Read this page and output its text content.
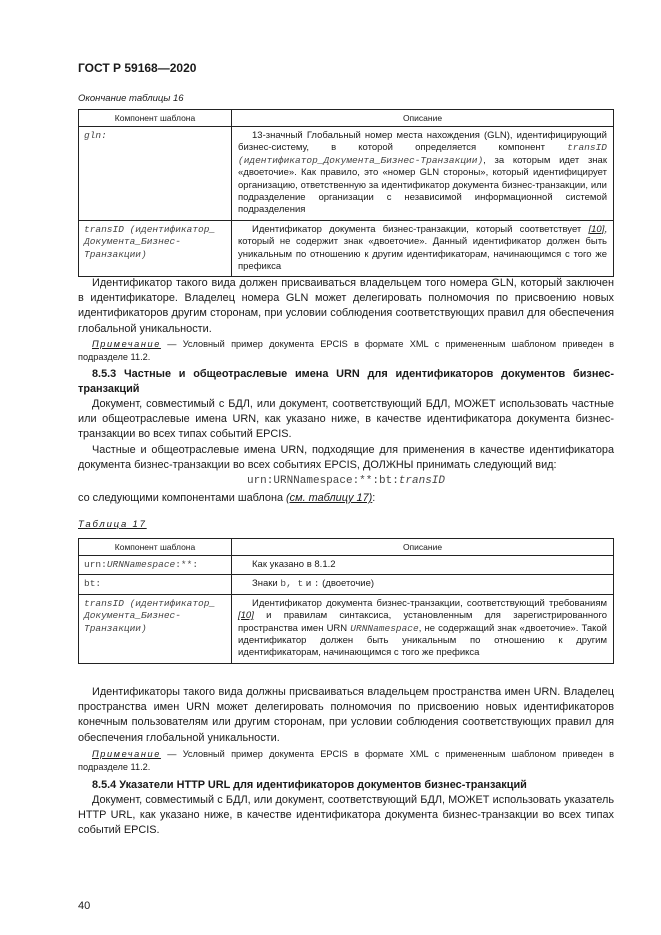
ГОСТ Р 59168—2020
Окончание таблицы 16
Компонент шаблона	Описание
gln:	13-значный Глобальный номер места нахождения (GLN), идентифицирующий бизнес-систему, в которой определяется компонент transID (идентификатор_Документа_Бизнес-Транзакции), за которым идет знак «двоеточие». Как правило, это «номер GLN стороны», который идентифицирует организацию, ответственную за идентификатор документа бизнес-транзакции, или подразделение организации с независимой информационной системой подразделения
transID (идентификатор_ Документа_Бизнес-Транзакции)	Идентификатор документа бизнес-транзакции, который соответствует [10], который не содержит знак «двоеточие». Данный идентификатор должен быть уникальным по отношению к другим идентификаторам, начинающимся с того же префикса
Идентификатор такого вида должен присваиваться владельцем того номера GLN, который заключен в идентификаторе. Владелец номера GLN может делегировать полномочия по присвоению новых идентификаторов другим сторонам, при условии соблюдения соответствующих правил для обеспечения глобальной уникальности.
Примечание — Условный пример документа EPCIS в формате XML с примененным шаблоном приведен в подразделе 11.2.
8.5.3 Частные и общеотраслевые имена URN для идентификаторов документов бизнес-транзакций
Документ, совместимый с БДЛ, или документ, соответствующий БДЛ, МОЖЕТ использовать частные или общеотраслевые имена URN, как указано ниже, в качестве идентификатора документа бизнес-транзакции во всех типах событий EPCIS.
Частные и общеотраслевые имена URN, подходящие для применения в качестве идентификатора документа бизнес-транзакции во всех событиях EPCIS, ДОЛЖНЫ принимать следующий вид:
urn:URNNamespace:**:bt:transID
со следующими компонентами шаблона (см. таблицу 17):
Таблица 17
Компонент шаблона	Описание
urn:URNNamespace:**:	Как указано в 8.1.2
bt:	Знаки b, t и : (двоеточие)
transID (идентификатор_ Документа_Бизнес-Транзакции)	Идентификатор документа бизнес-транзакции, соответствующий требованиям [10] и правилам синтаксиса, установленным для зарегистрированного пространства имен URN URNNamespace, не содержащий знак «двоеточие». Такой идентификатор должен быть уникальным по отношению к другим идентификаторам, начинающимся с того же префикса
Идентификаторы такого вида должны присваиваться владельцем пространства имен URN. Владелец пространства имен URN может делегировать полномочия по присвоению новых идентификаторов конечным пользователям или другим сторонам, при условии соблюдения соответствующих правил для обеспечения глобальной уникальности.
Примечание — Условный пример документа EPCIS в формате XML с примененным шаблоном приведен в подразделе 11.2.
8.5.4 Указатели HTTP URL для идентификаторов документов бизнес-транзакций
Документ, совместимый с БДЛ, или документ, соответствующий БДЛ, МОЖЕТ использовать указатель HTTP URL, как указано ниже, в качестве идентификатора документа бизнес-транзакции во всех типах событий EPCIS.
40
